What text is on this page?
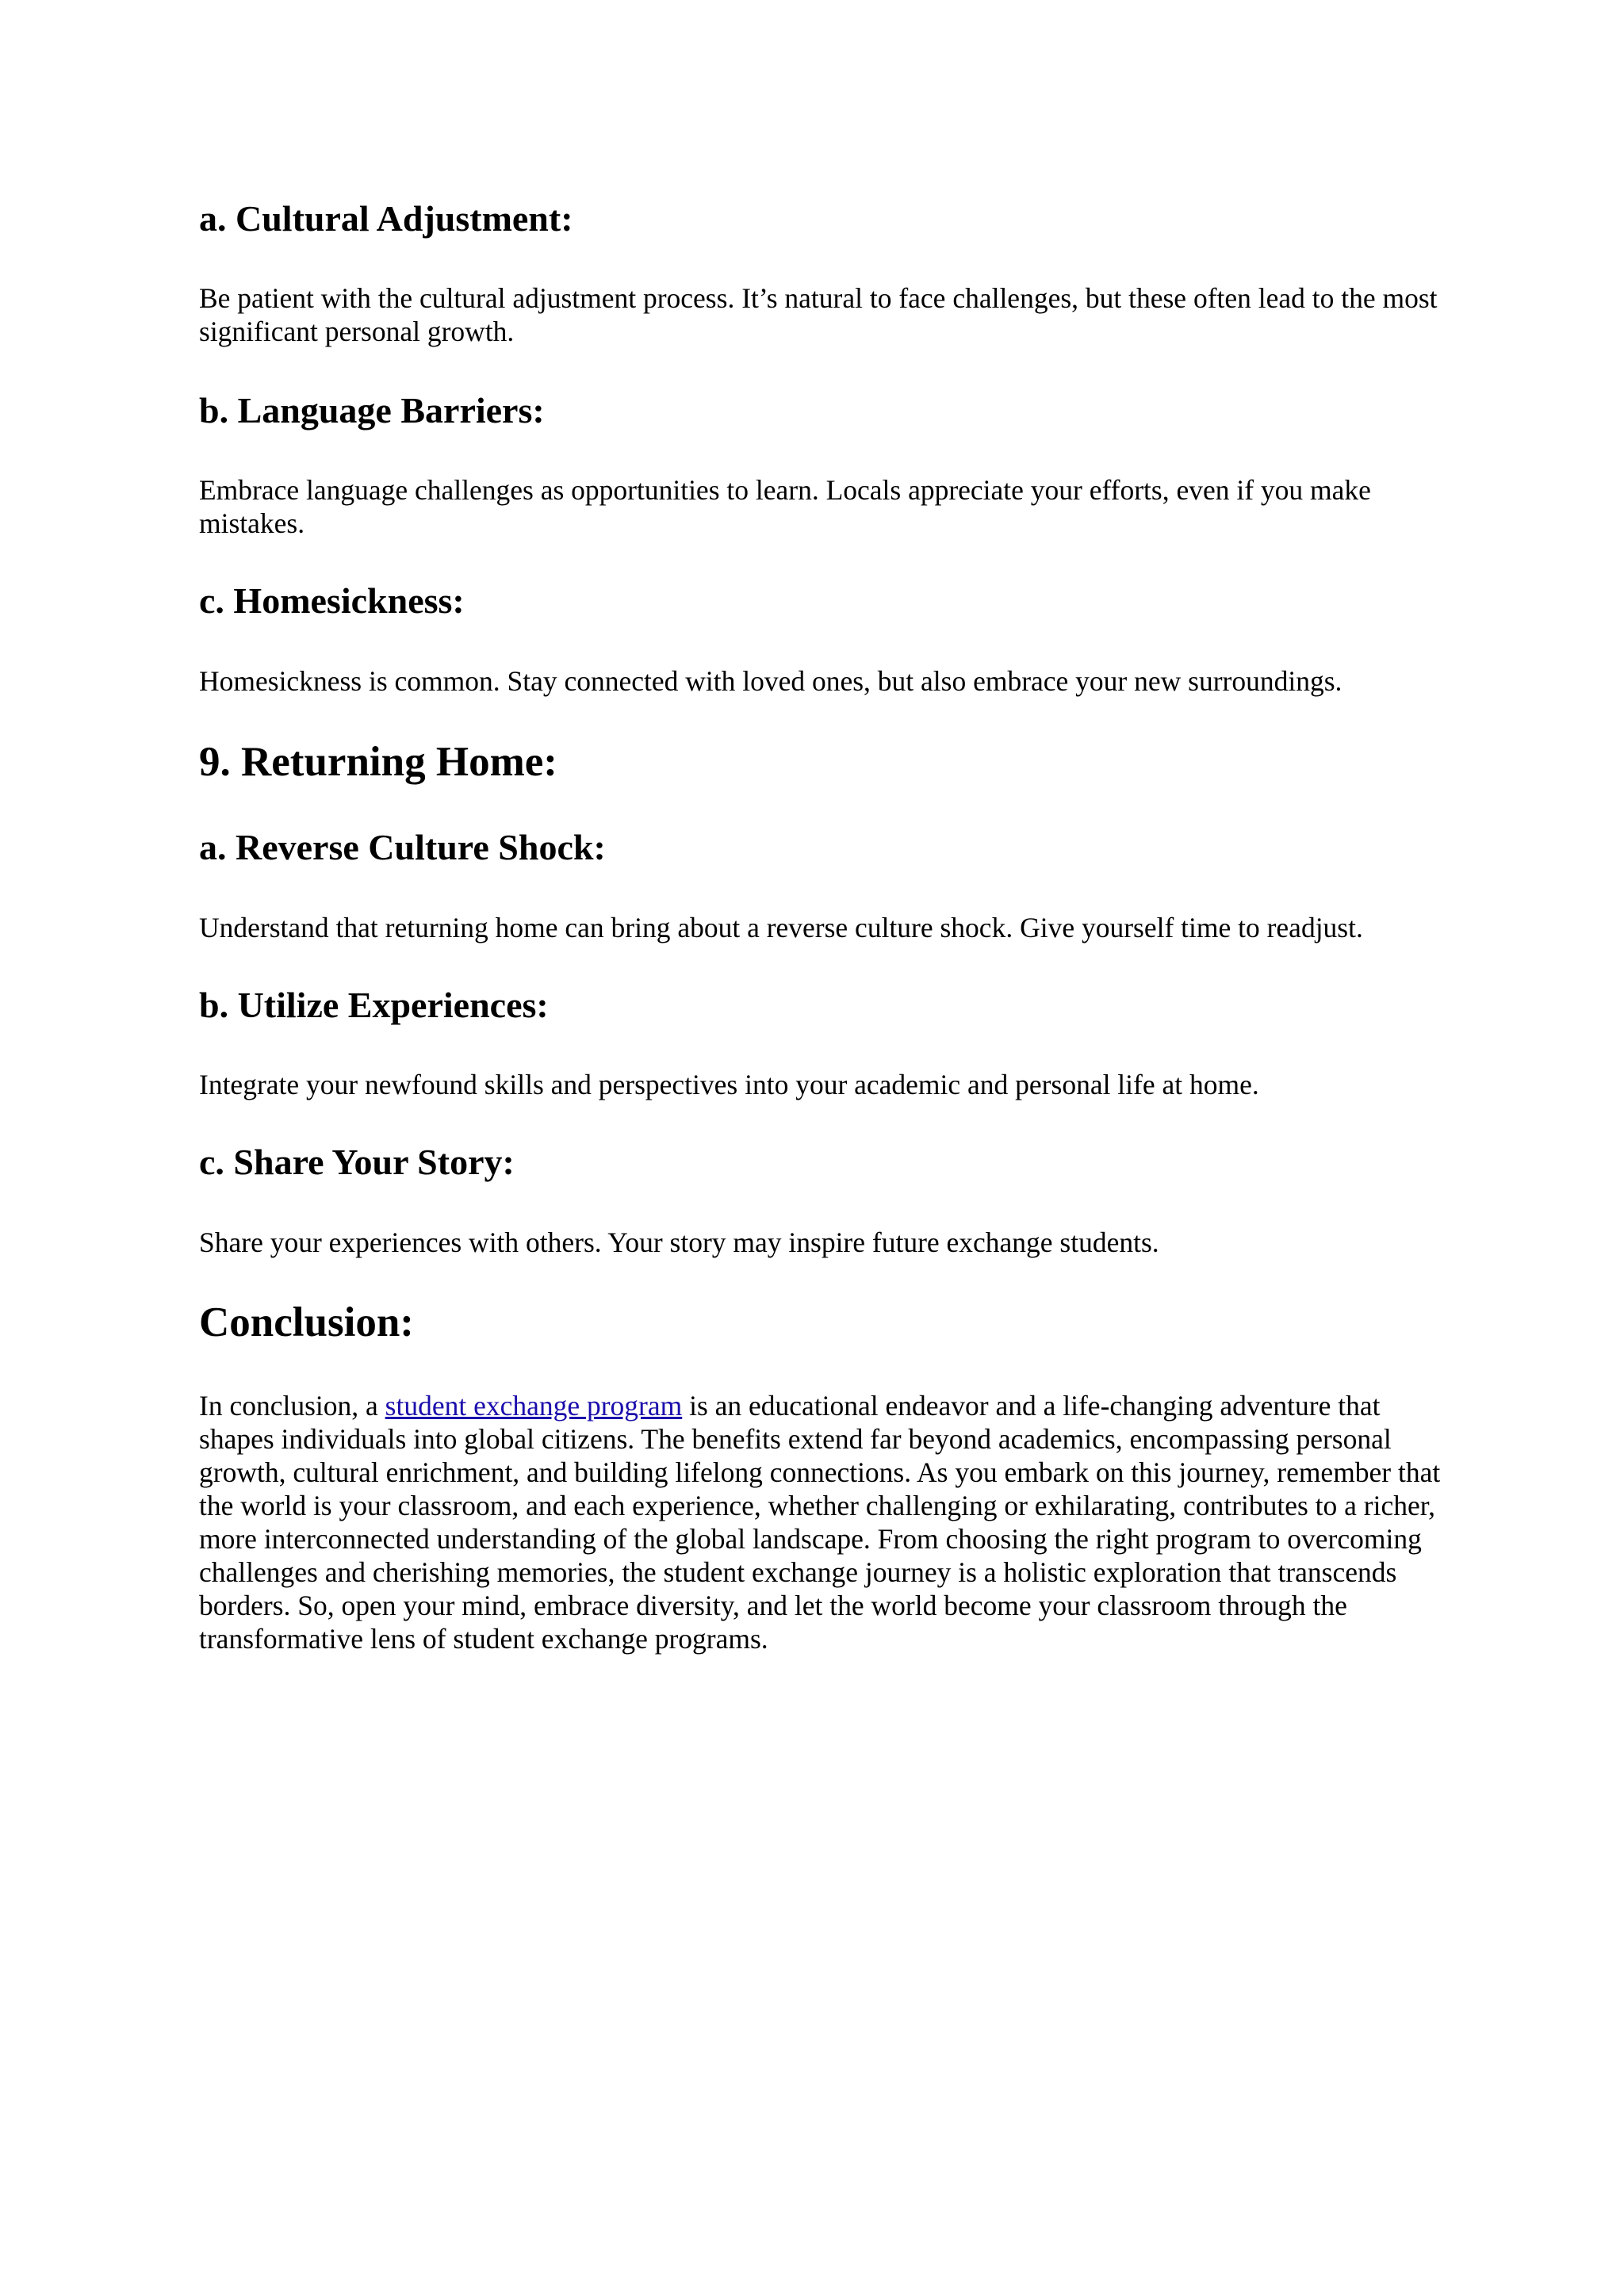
a. Cultural Adjustment:

Be patient with the cultural adjustment process. It’s natural to face challenges, but these often lead to the most significant personal growth.

b. Language Barriers:

Embrace language challenges as opportunities to learn. Locals appreciate your efforts, even if you make mistakes.

c. Homesickness:

Homesickness is common. Stay connected with loved ones, but also embrace your new surroundings.

9. Returning Home:
a. Reverse Culture Shock:

Understand that returning home can bring about a reverse culture shock. Give yourself time to readjust.

b. Utilize Experiences:

Integrate your newfound skills and perspectives into your academic and personal life at home.

c. Share Your Story:

Share your experiences with others. Your story may inspire future exchange students.

Conclusion:

In conclusion, a student exchange program is an educational endeavor and a life-changing adventure that shapes individuals into global citizens. The benefits extend far beyond academics, encompassing personal growth, cultural enrichment, and building lifelong connections. As you embark on this journey, remember that the world is your classroom, and each experience, whether challenging or exhilarating, contributes to a richer, more interconnected understanding of the global landscape. From choosing the right program to overcoming challenges and cherishing memories, the student exchange journey is a holistic exploration that transcends borders. So, open your mind, embrace diversity, and let the world become your classroom through the transformative lens of student exchange programs.
